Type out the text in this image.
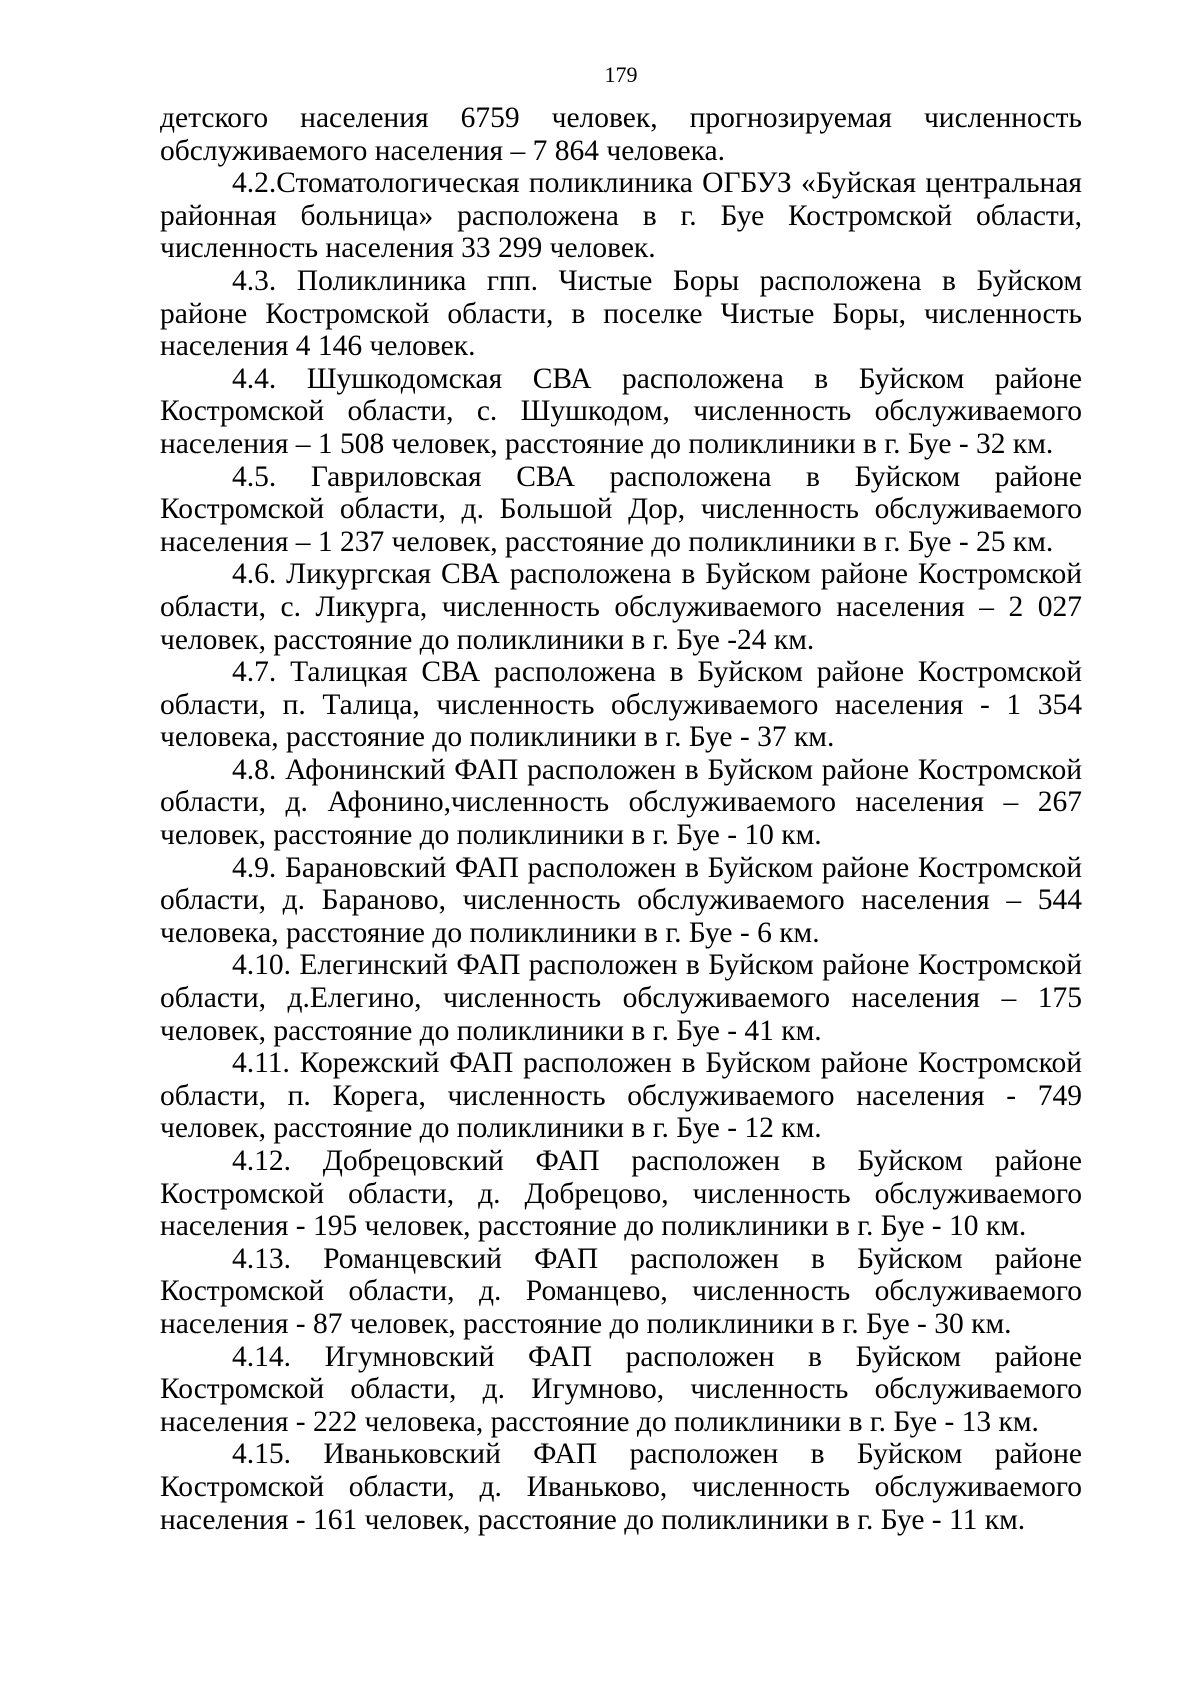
179

детского населения 6759 человек, прогнозируемая численность обслуживаемого населения – 7 864 человека.

4.2.Стоматологическая поликлиника ОГБУЗ «Буйская центральная районная больница» расположена в г. Буе Костромской области, численность населения 33 299 человек.

4.3. Поликлиника гпп. Чистые Боры расположена в Буйском районе Костромской области, в поселке Чистые Боры, численность населения 4 146 человек.

4.4. Шушкодомская СВА расположена в Буйском районе Костромской области, с. Шушкодом, численность обслуживаемого населения – 1 508 человек, расстояние до поликлиники в г. Буе - 32 км.

4.5. Гавриловская СВА расположена в Буйском районе Костромской области, д. Большой Дор, численность обслуживаемого населения – 1 237 человек, расстояние до поликлиники в г. Буе - 25 км.

4.6. Ликургская СВА расположена в Буйском районе Костромской области, с. Ликурга, численность обслуживаемого населения – 2 027 человек, расстояние до поликлиники в г. Буе -24 км.

4.7. Талицкая СВА расположена в Буйском районе Костромской области, п. Талица, численность обслуживаемого населения - 1 354 человека, расстояние до поликлиники в г. Буе - 37 км.

4.8. Афонинский ФАП расположен в Буйском районе Костромской области, д. Афонино,численность обслуживаемого населения – 267 человек, расстояние до поликлиники в г. Буе - 10 км.

4.9. Барановский ФАП расположен в Буйском районе Костромской области, д. Бараново, численность обслуживаемого населения – 544 человека, расстояние до поликлиники в г. Буе - 6 км.

4.10. Елегинский ФАП расположен в Буйском районе Костромской области, д.Елегино, численность обслуживаемого населения – 175 человек, расстояние до поликлиники в г. Буе - 41 км.

4.11. Корежский ФАП расположен в Буйском районе Костромской области, п. Корега, численность обслуживаемого населения - 749 человек, расстояние до поликлиники в г. Буе - 12 км.

4.12. Добрецовский ФАП расположен в Буйском районе Костромской области, д. Добрецово, численность обслуживаемого населения - 195 человек, расстояние до поликлиники в г. Буе - 10 км.

4.13. Романцевский ФАП расположен в Буйском районе Костромской области, д. Романцево, численность обслуживаемого населения - 87 человек, расстояние до поликлиники в г. Буе - 30 км.

4.14. Игумновский ФАП расположен в Буйском районе Костромской области, д. Игумново, численность обслуживаемого населения - 222 человека, расстояние до поликлиники в г. Буе - 13 км.

4.15. Иваньковский ФАП расположен в Буйском районе Костромской области, д. Иваньково, численность обслуживаемого населения - 161 человек, расстояние до поликлиники в г. Буе - 11 км.
